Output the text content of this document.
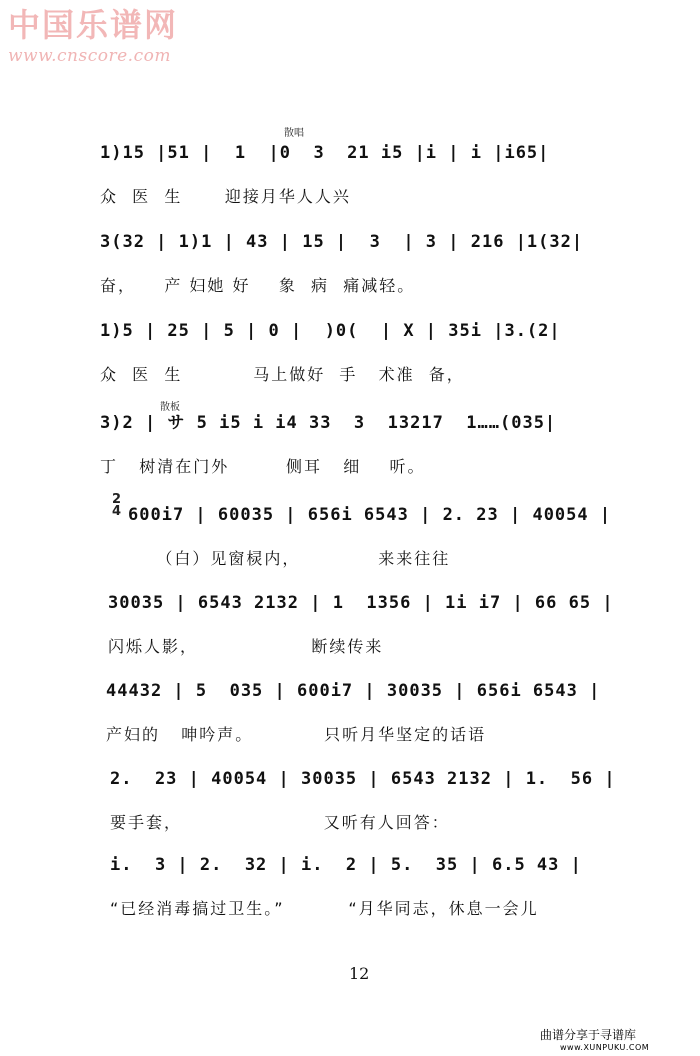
中国乐谱网
www.cnscore.com
散唱
散板
2
4
1)15 |51 |  1  |0  3  21 i5 |i | i |i65|
众  医  生      迎接月华人人兴
3(32 | 1)1 | 43 | 15 |  3  | 3 | 216 |1(32|
奋，    产 妇她 好    象  病  痛减轻。
1)5 | 25 | 5 | 0 |  )0(  | X | 35i |3.(2|
众  医  生          马上做好  手   术准  备，
3)2 | サ 5 i5 i i4 33  3  13217  1……(035|
丁   树清在门外        侧耳   细    听。
600i7 | 60035 | 656i 6543 | 2. 23 | 40054 |
（白）见窗棂内，           来来往往
30035 | 6543 2132 | 1  1356 | 1i i7 | 66 65 |
闪烁人影，                断续传来
44432 | 5  035 | 600i7 | 30035 | 656i 6543 |
产妇的   呻吟声。          只听月华坚定的话语
2.  23 | 40054 | 30035 | 6543 2132 | 1.  56 |
要手套，                    又听有人回答：
i.  3 | 2.  32 | i.  2 | 5.  35 | 6.5 43 |
“已经消毒搞过卫生。”         “月华同志，休息一会儿
12
曲谱分享于寻谱库
www.XUNPUKU.COM
